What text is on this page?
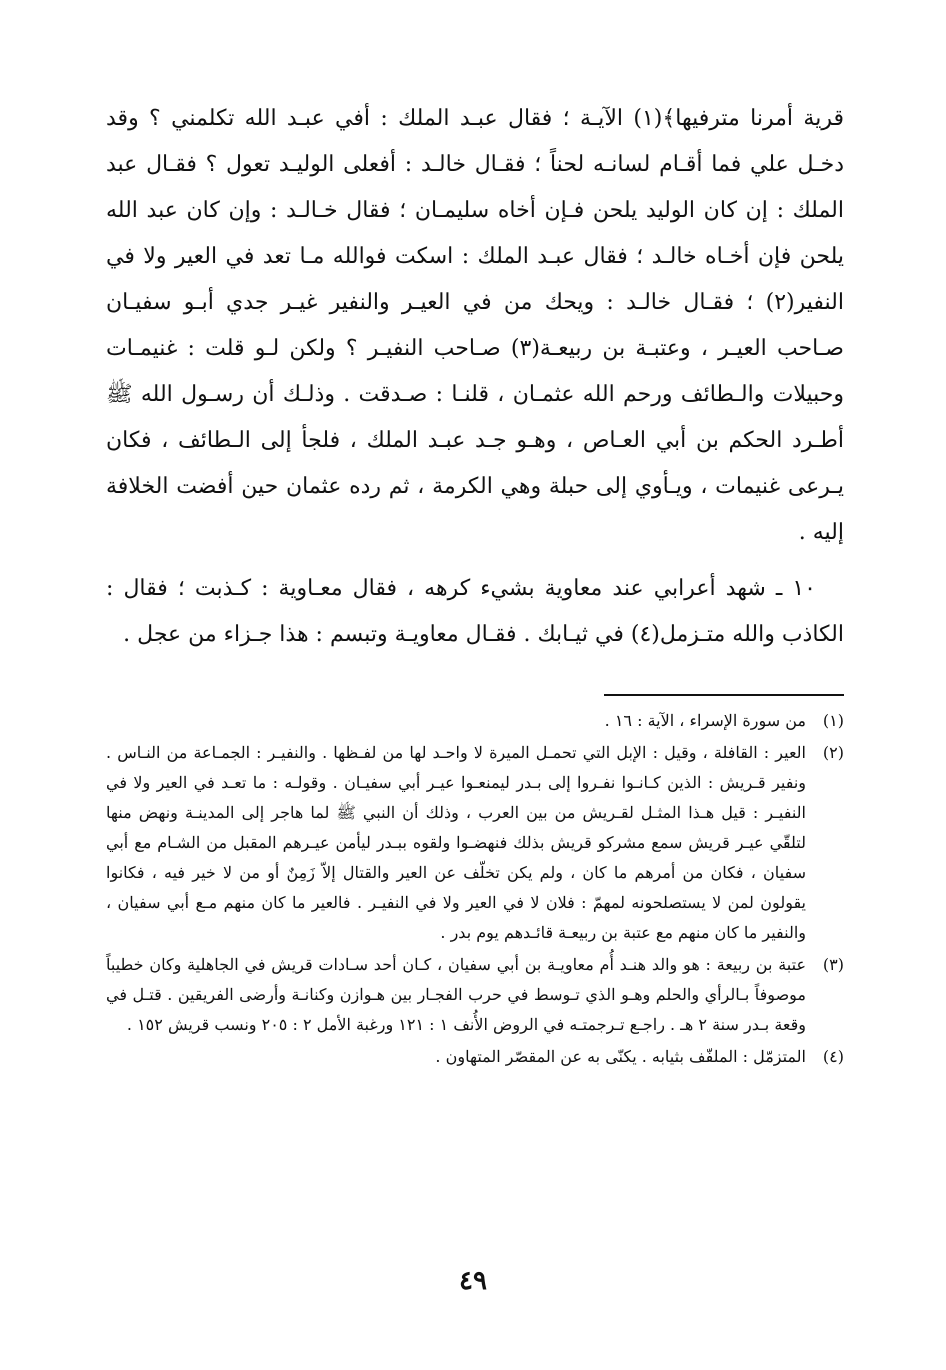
قرية أمرنا مترفيها﴾(١) الآيـة ؛ فقال عبـد الملك : أفي عبـد الله تكلمني ؟ وقد دخـل علي فما أقـام لسانـه لحناً ؛ فقـال خالـد : أفعلى الوليـد تعول ؟ فقـال عبد الملك : إن كان الوليد يلحن فـإن أخاه سليمـان ؛ فقال خـالـد : وإن كان عبد الله يلحن فإن أخـاه خالـد ؛ فقال عبـد الملك : اسكت فوالله مـا تعد في العير ولا في النفير(٢) ؛ فقـال خالـد : ويحك من في العيـر والنفير غيـر جدي أبـو سفيـان صـاحب العيـر ، وعتبـة بن ربيعـة(٣) صـاحب النفيـر ؟ ولكن لـو قلت : غنيمـات وحبيلات والـطائف ورحم الله عثمـان ، قلنـا : صـدقت . وذلـك أن رسـول الله ﷺ أطـرد الحكم بن أبي العـاص ، وهـو جـد عبـد الملك ، فلجأ إلى الـطائف ، فكان يـرعى غنيمات ، ويـأوي إلى حبلة وهي الكرمة ، ثم رده عثمان حين أفضت الخلافة إليه .

١٠ ـ شهد أعرابي عند معاوية بشيء كرهه ، فقال معـاوية : كـذبت ؛ فقال : الكاذب والله متـزمل(٤) في ثيـابك . فقـال معاويـة وتبسم : هذا جـزاء من عجل .

(١)
من سورة الإسراء ، الآية : ١٦ .
(٢)
العير : القافلة ، وقيل : الإبل التي تحمـل الميرة لا واحـد لها من لفـظها . والنفيـر : الجمـاعة من النـاس . ونفير قـريش : الذين كـانـوا نفـروا إلى بـدر ليمنعـوا عيـر أبي سفيـان . وقولـه : ما تعـد في العير ولا في النفيـر : قيل هـذا المثـل لقـريش من بين العرب ، وذلك أن النبي ﷺ لما هاجر إلى المدينـة ونهض منها لتلقّي عيـر قريش سمع مشركو قريش بذلك فنهضـوا ولقوه ببـدر ليأمن عيـرهم المقبل من الشـام مع أبي سفيان ، فكان من أمرهم ما كان ، ولم يكن تخلّف عن العير والقتال إلاّ زَمِنٌ أو من لا خير فيه ، فكانوا يقولون لمن لا يستصلحونه لمهمّ : فلان لا في العير ولا في النفيـر . فالعير ما كان منهم مـع أبي سفيان ، والنفير ما كان منهم مع عتبة بن ربيعـة قائـدهم يوم بدر .
(٣)
عتبة بن ربيعة : هو والد هنـد أُم معاويـة بن أبي سفيان ، كـان أحد سـادات قريش في الجاهلية وكان خطيباً موصوفاً بـالرأي والحلم وهـو الذي تـوسط في حرب الفجـار بين هـوازن وكنانـة وأرضى الفريقين . قتـل في وقعة بـدر سنة ٢ هـ . راجـع تـرجمتـه في الروض الأُنف ١ : ١٢١ ورغبة الأمل ٢ : ٢٠٥ ونسب قريش ١٥٢ .
(٤)
المتزمّل : الملفّف بثيابه . يكنّى به عن المقصّر المتهاون .
٤٩
